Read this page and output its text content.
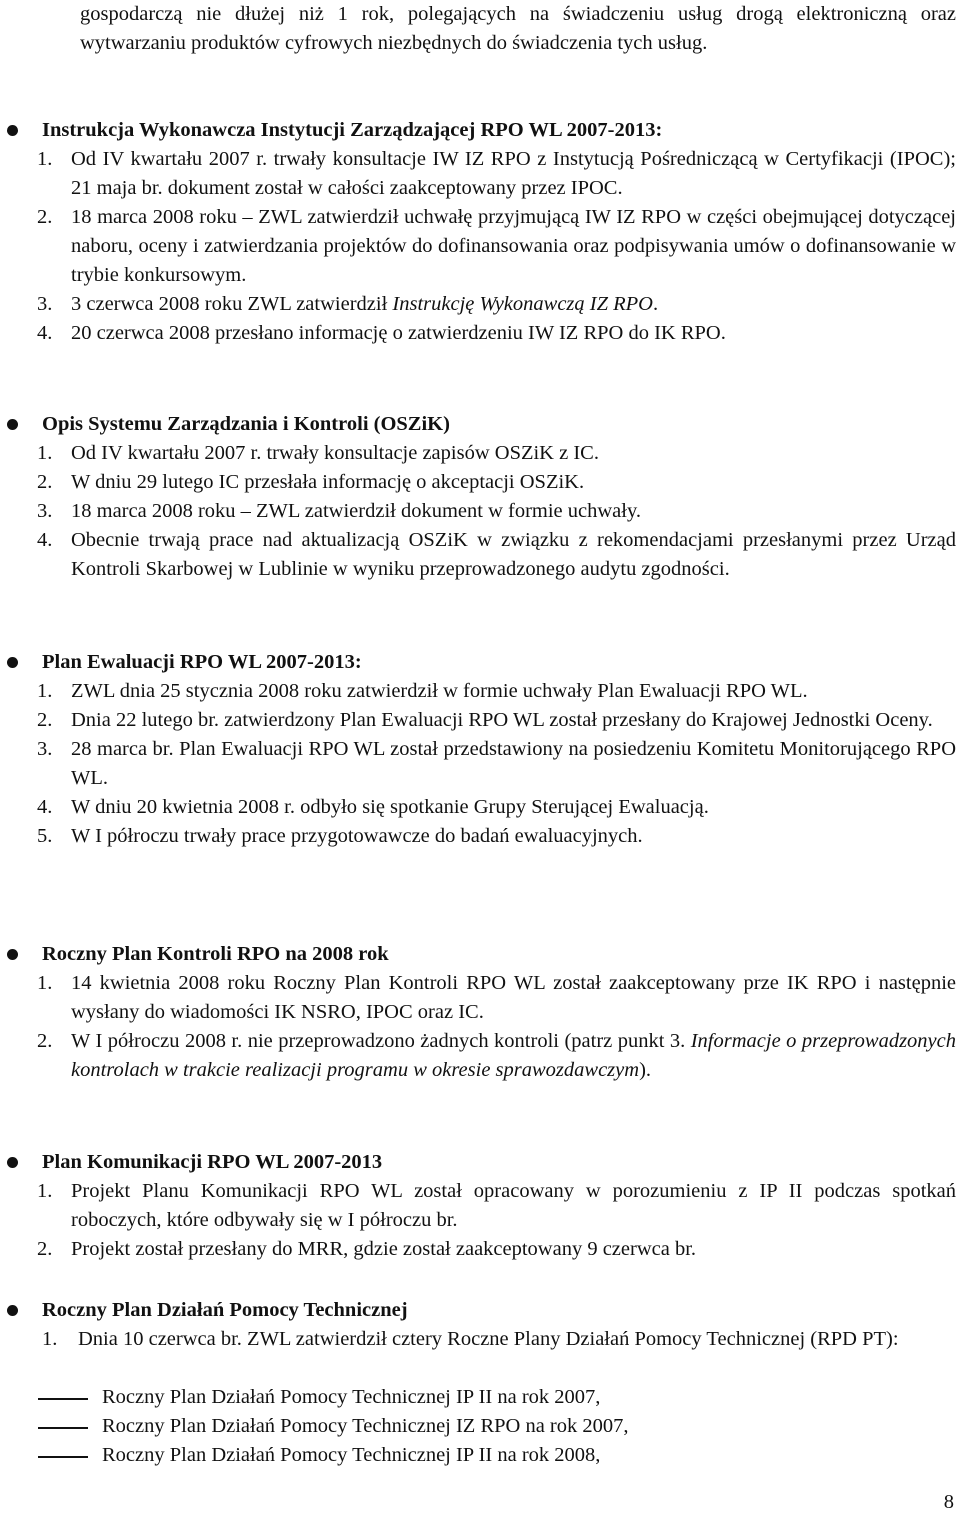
gospodarczą nie dłużej niż 1 rok, polegających na świadczeniu usług drogą elektroniczną oraz wytwarzaniu produktów cyfrowych niezbędnych do świadczenia tych usług.
Instrukcja Wykonawcza Instytucji Zarządzającej RPO WL 2007-2013:
1. Od IV kwartału 2007 r. trwały konsultacje IW IZ RPO z Instytucją Pośredniczącą w Certyfikacji (IPOC); 21 maja br. dokument został w całości zaakceptowany przez IPOC.
2. 18 marca 2008 roku – ZWL zatwierdził uchwałę przyjmującą IW IZ RPO w części obejmującej dotyczącej naboru, oceny i zatwierdzania projektów do dofinansowania oraz podpisywania umów o dofinansowanie w trybie konkursowym.
3. 3 czerwca 2008 roku ZWL zatwierdził Instrukcję Wykonawczą IZ RPO.
4. 20 czerwca 2008 przesłano informację o zatwierdzeniu IW IZ RPO do IK RPO.
Opis Systemu Zarządzania i Kontroli (OSZiK)
1. Od IV kwartału 2007 r. trwały konsultacje zapisów OSZiK z IC.
2. W dniu 29 lutego IC przesłała informację o akceptacji OSZiK.
3. 18 marca 2008 roku – ZWL zatwierdził dokument w formie uchwały.
4. Obecnie trwają prace nad aktualizacją OSZiK w związku z rekomendacjami przesłanymi przez Urząd Kontroli Skarbowej w Lublinie w wyniku przeprowadzonego audytu zgodności.
Plan Ewaluacji RPO WL 2007-2013:
1. ZWL dnia 25 stycznia 2008 roku zatwierdził w formie uchwały Plan Ewaluacji RPO WL.
2. Dnia 22 lutego br. zatwierdzony Plan Ewaluacji RPO WL został przesłany do Krajowej Jednostki Oceny.
3. 28 marca br. Plan Ewaluacji RPO WL został przedstawiony na posiedzeniu Komitetu Monitorującego RPO WL.
4. W dniu 20 kwietnia 2008 r. odbyło się spotkanie Grupy Sterującej Ewaluacją.
5. W I półroczu trwały prace przygotowawcze do badań ewaluacyjnych.
Roczny Plan Kontroli RPO na 2008 rok
1. 14 kwietnia 2008 roku Roczny Plan Kontroli RPO WL został zaakceptowany prze IK RPO i następnie wysłany do wiadomości IK NSRO, IPOC oraz IC.
2. W I półroczu 2008 r. nie przeprowadzono żadnych kontroli (patrz punkt 3. Informacje o przeprowadzonych kontrolach w trakcie realizacji programu w okresie sprawozdawczym).
Plan Komunikacji RPO WL 2007-2013
1. Projekt Planu Komunikacji RPO WL został opracowany w porozumieniu z IP II podczas spotkań roboczych, które odbywały się w I półroczu br.
2. Projekt został przesłany do MRR, gdzie został zaakceptowany 9 czerwca br.
Roczny Plan Działań Pomocy Technicznej
1. Dnia 10 czerwca br. ZWL zatwierdził cztery Roczne Plany Działań Pomocy Technicznej (RPD PT):
Roczny Plan Działań Pomocy Technicznej IP II na rok 2007,
Roczny Plan Działań Pomocy Technicznej IZ RPO na rok 2007,
Roczny Plan Działań Pomocy Technicznej IP II na rok 2008,
8
